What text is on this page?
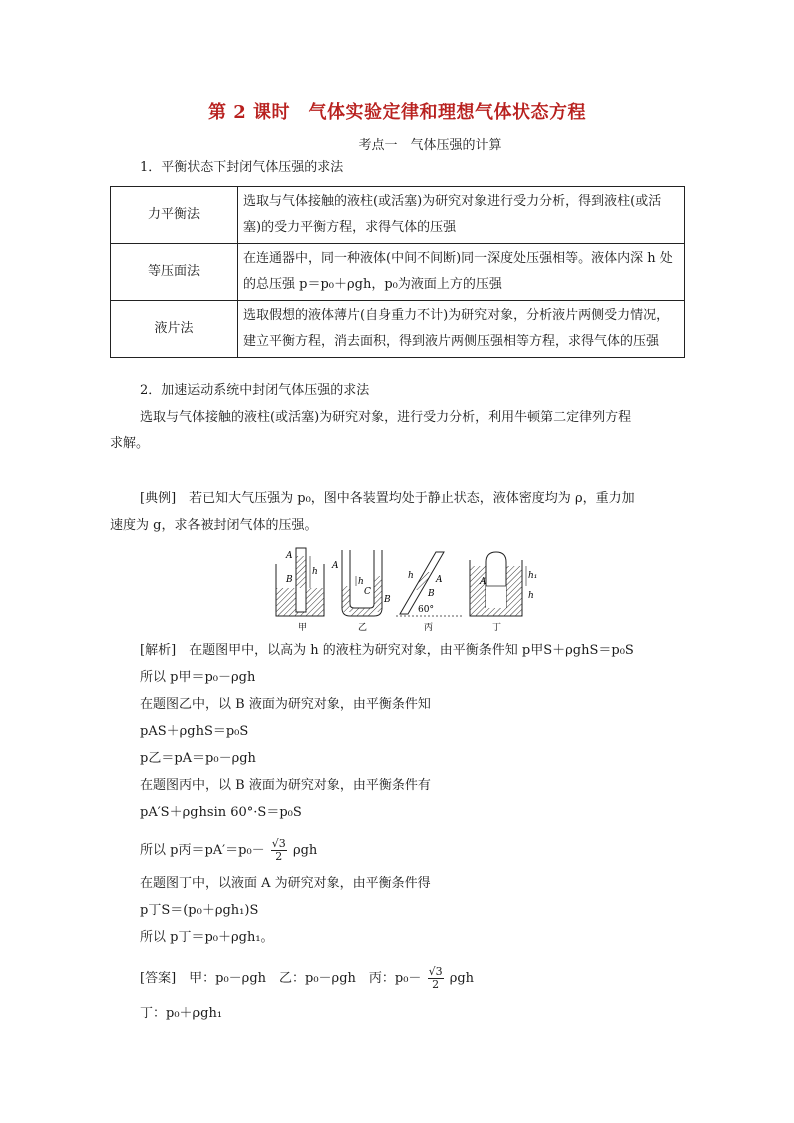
第 2 课时　气体实验定律和理想气体状态方程
考点一　气体压强的计算
1．平衡状态下封闭气体压强的求法
力平衡法	选取与气体接触的液柱(或活塞)为研究对象进行受力分析，得到液柱(或活塞)的受力平衡方程，求得气体的压强
等压面法	在连通器中，同一种液体(中间不间断)同一深度处压强相等。液体内深 h 处的总压强 p＝p₀＋ρgh，p₀为液面上方的压强
液片法	选取假想的液体薄片(自身重力不计)为研究对象，分析液片两侧受力情况，建立平衡方程，消去面积，得到液片两侧压强相等方程，求得气体的压强
2．加速运动系统中封闭气体压强的求法
选取与气体接触的液柱(或活塞)为研究对象，进行受力分析，利用牛顿第二定律列方程
求解。
[典例]　若已知大气压强为 p₀，图中各装置均处于静止状态，液体密度均为 ρ，重力加
速度为 g，求各被封闭气体的压强。
A
B
h
甲
A
h
C
B
乙
h A
B
60°
丙
A
h₁
h
丁
[解析]　在题图甲中，以高为 h 的液柱为研究对象，由平衡条件知 p甲S＋ρghS＝p₀S
所以 p甲＝p₀－ρgh
在题图乙中，以 B 液面为研究对象，由平衡条件知
pAS＋ρghS＝p₀S
p乙＝pA＝p₀－ρgh
在题图丙中，以 B 液面为研究对象，由平衡条件有
pA′S＋ρghsin 60°·S＝p₀S
所以 p丙$=pA'=p_0- \frac{√3}{2}$ ρgh
在题图丁中，以液面 A 为研究对象，由平衡条件得
p丁S＝(p₀＋ρgh₁)S
所以 p丁＝p₀＋ρgh₁。
[答案]　甲：p₀－ρgh　乙：p₀－ρgh　丙：$p_0- \frac{√3}{2}$ ρgh
丁：p₀＋ρgh₁
